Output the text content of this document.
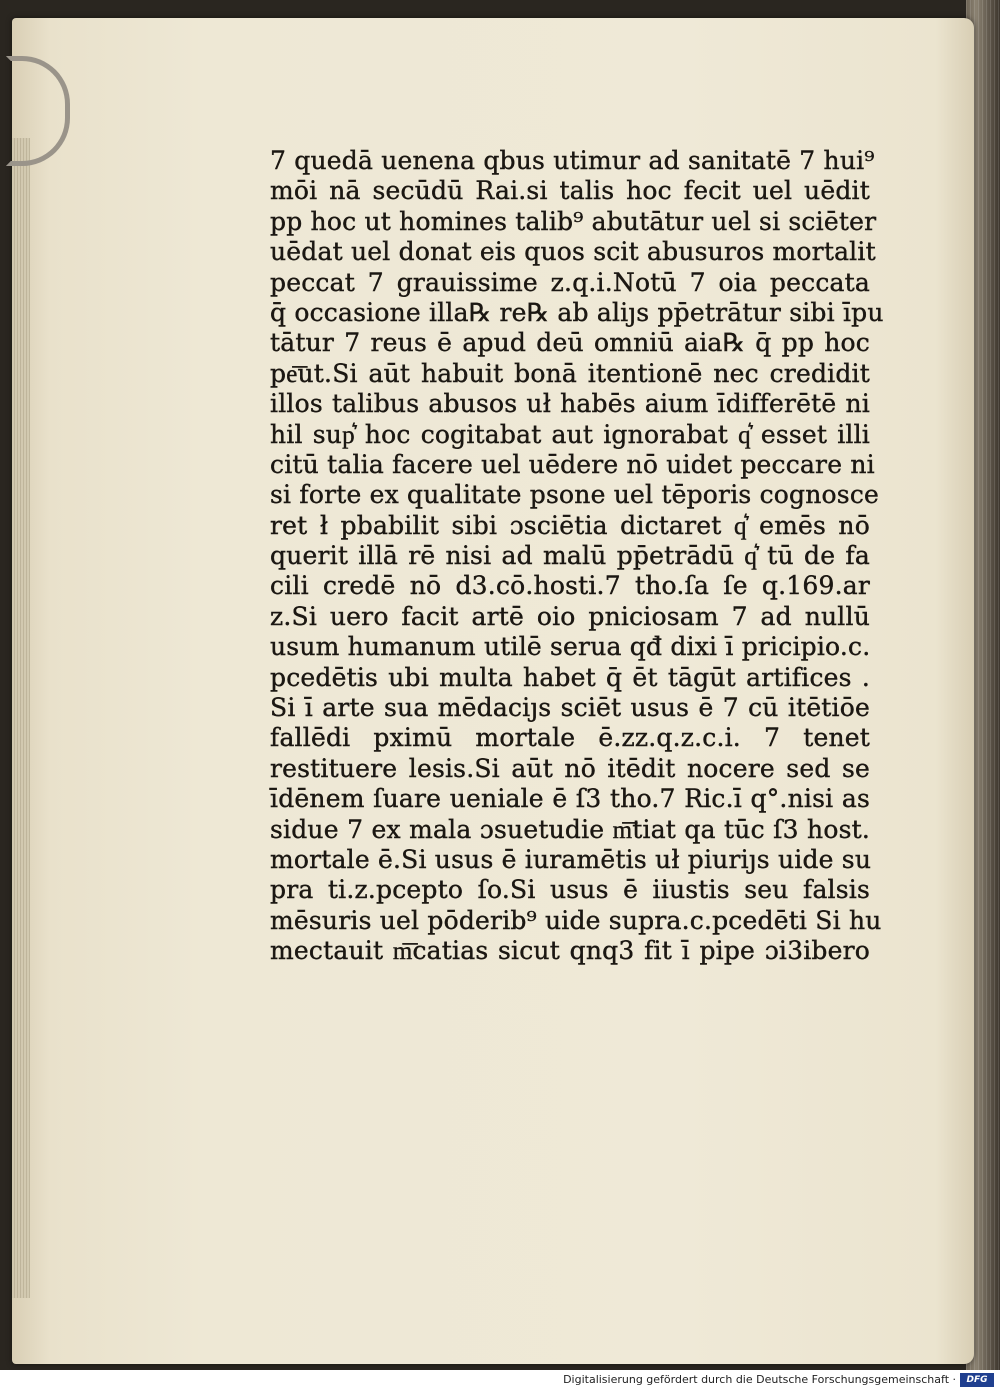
7 quedā uenena qbus utimur ad sanitatē 7 hui⁹
mōi nā secūdū Rai.si talis hoc fecit uel uēdit
pp hoc ut homines talib⁹ abutātur uel si sciēter
uēdat uel donat eis quos scit abusuros mortalit
peccat 7 grauissime z.q.i.Notū 7 oia peccata
q̄ occasione illa℞ re℞ ab aliȷs pp̄etrātur sibi īpu
tātur 7 reus ē apud deū omniū aia℞ q̄ pp hoc
pe͞ut.Si aūt habuit bonā itentionē nec credidit
illos talibus abusos uł habēs aium īdifferētē ni
hil sup͛ hoc cogitabat aut ignorabat q͛ esset illi
citū talia facere uel uēdere nō uidet peccare ni
si forte ex qualitate psone uel tēporis cognosce
ret ł pbabilit sibi ɔsciētia dictaret q͛ emēs nō
querit illā rē nisi ad malū pp̄etrādū q͛ tū de fa
cili credē nō d3.cō.hosti.7 tho.ſa ſe q.169.ar
z.Si uero facit artē oio pniciosam 7 ad nullū
usum humanum utilē serua qđ dixi ī pricipio.c.
pcedētis ubi multa habet q̄ ēt tāgūt artifices .
Si ī arte sua mēdaciȷs sciēt usus ē 7 cū itētiōe
fallēdi pximū mortale ē.zz.q.z.c.i. 7 tenet
restituere lesis.Si aūt nō itēdit nocere sed se
īdēnem ſuare ueniale ē ſ3 tho.7 Ric.ī q°.nisi as
sidue 7 ex mala ɔsuetudie m͞tiat qa tūc ſ3 host.
mortale ē.Si usus ē iuramētis uł piuriȷs uide su
pra ti.z.pcepto ſo.Si usus ē iiustis seu falsis
mēsuris uel pōderib⁹ uide supra.c.pcedēti Si hu
mectauit m͞catias sicut qnq3 fit ī pipe ɔi3ibero
Digitalisierung gefördert durch die Deutsche Forschungsgemeinschaft ·	DFG
